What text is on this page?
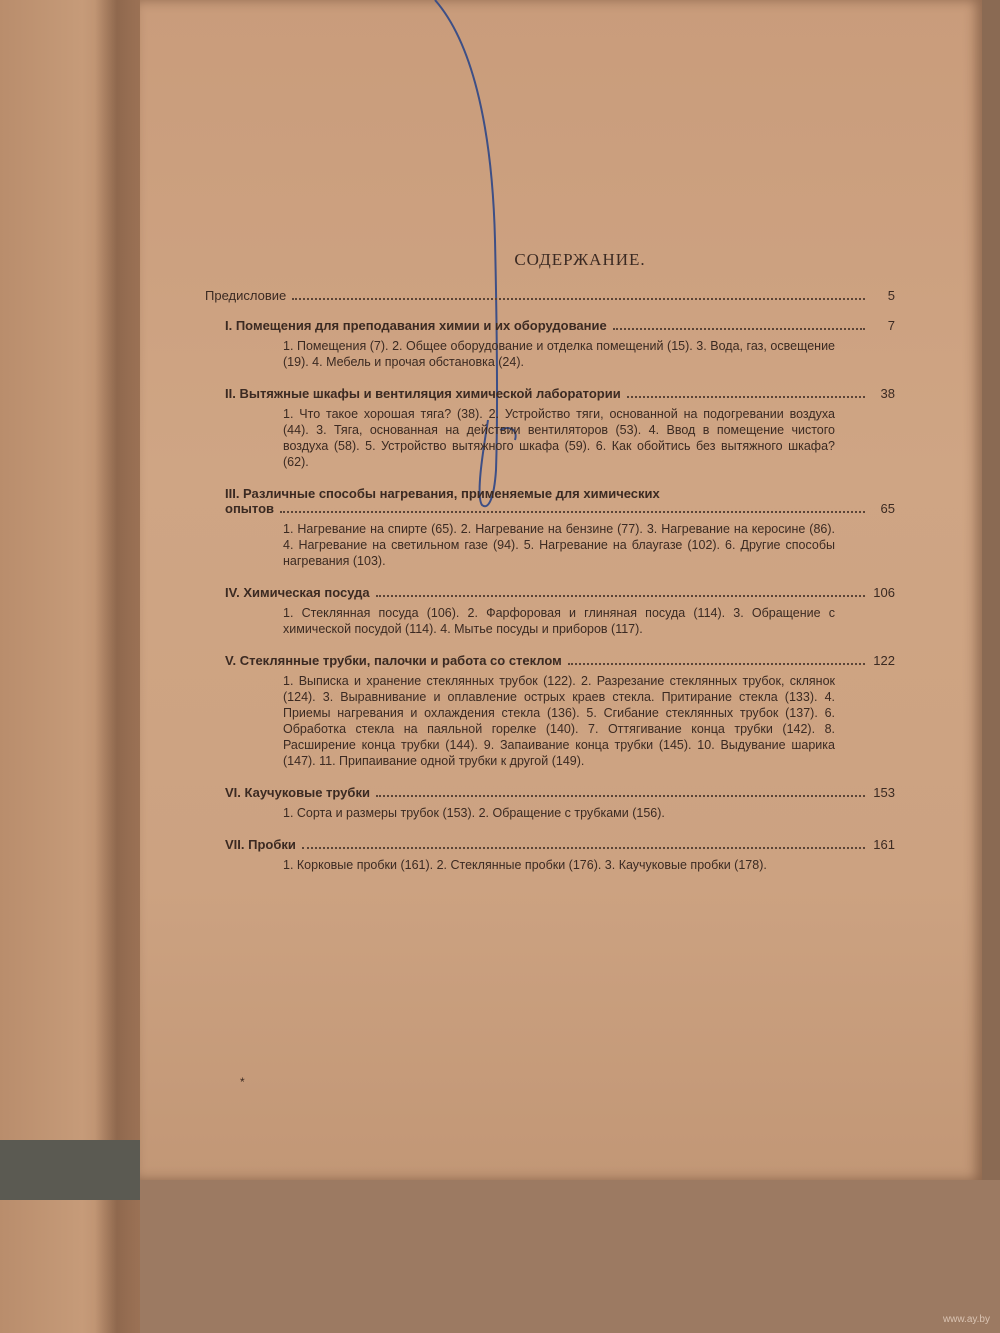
СОДЕРЖАНИЕ.
Предисловие	5
I. Помещения для преподавания химии и их оборудование	7
1. Помещения (7). 2. Общее оборудование и отделка помещений (15). 3. Вода, газ, освещение (19). 4. Мебель и прочая обстановка (24).
II. Вытяжные шкафы и вентиляция химической лаборатории	38
1. Что такое хорошая тяга? (38). 2. Устройство тяги, основанной на подогревании воздуха (44). 3. Тяга, основанная на действии вентиляторов (53). 4. Ввод в помещение чистого воздуха (58). 5. Устройство вытяжного шкафа (59). 6. Как обойтись без вытяжного шкафа? (62).
III. Различные способы нагревания, применяемые для химических
опытов	65
1. Нагревание на спирте (65). 2. Нагревание на бензине (77). 3. Нагревание на керосине (86). 4. Нагревание на светильном газе (94). 5. Нагревание на блаугазе (102). 6. Другие способы нагревания (103).
IV. Химическая посуда	106
1. Стеклянная посуда (106). 2. Фарфоровая и глиняная посуда (114). 3. Обращение с химической посудой (114). 4. Мытье посуды и приборов (117).
V. Стеклянные трубки, палочки и работа со стеклом	122
1. Выписка и хранение стеклянных трубок (122). 2. Разрезание стеклянных трубок, склянок (124). 3. Выравнивание и оплавление острых краев стекла. Притирание стекла (133). 4. Приемы нагревания и охлаждения стекла (136). 5. Сгибание стеклянных трубок (137). 6. Обработка стекла на паяльной горелке (140). 7. Оттягивание конца трубки (142). 8. Расширение конца трубки (144). 9. Запаивание конца трубки (145). 10. Выдувание шарика (147). 11. Припаивание одной трубки к другой (149).
VI. Каучуковые трубки	153
1. Сорта и размеры трубок (153). 2. Обращение с трубками (156).
VII. Пробки	161
1. Корковые пробки (161). 2. Стеклянные пробки (176). 3. Каучуковые пробки (178).
*
www.ay.by
